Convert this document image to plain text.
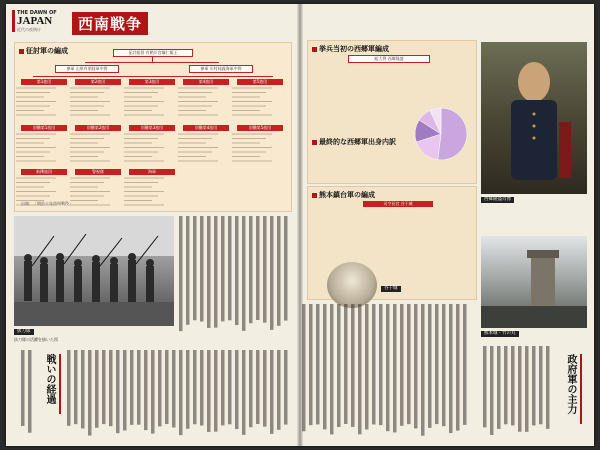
THE DAWN OF
JAPAN
近代の夜明け	西南戦争
征討軍の編成	征討総督 有栖川宮熾仁親王
参軍 山県有朋陸軍中将	参軍 川村純義海軍中将
第1旅団	第2旅団	第3旅団	第4旅団	第5旅団
別働第1旅団	別働第2旅団	別働第3旅団	別働第4旅団	別働第5旅団
新撰旅団	警視隊	海軍
出典：「明治十年西南戦役」
抜刀隊
抜刀隊の活躍を描いた図
戦いの経過
挙兵当初の西郷軍編成
総大将 西郷隆盛
最終的な西郷軍出身内訳
熊本鎮台軍の編成
司令長官 谷干城
谷干城
西郷隆盛肖像
熊本城・竹の丸
政府軍の主力
